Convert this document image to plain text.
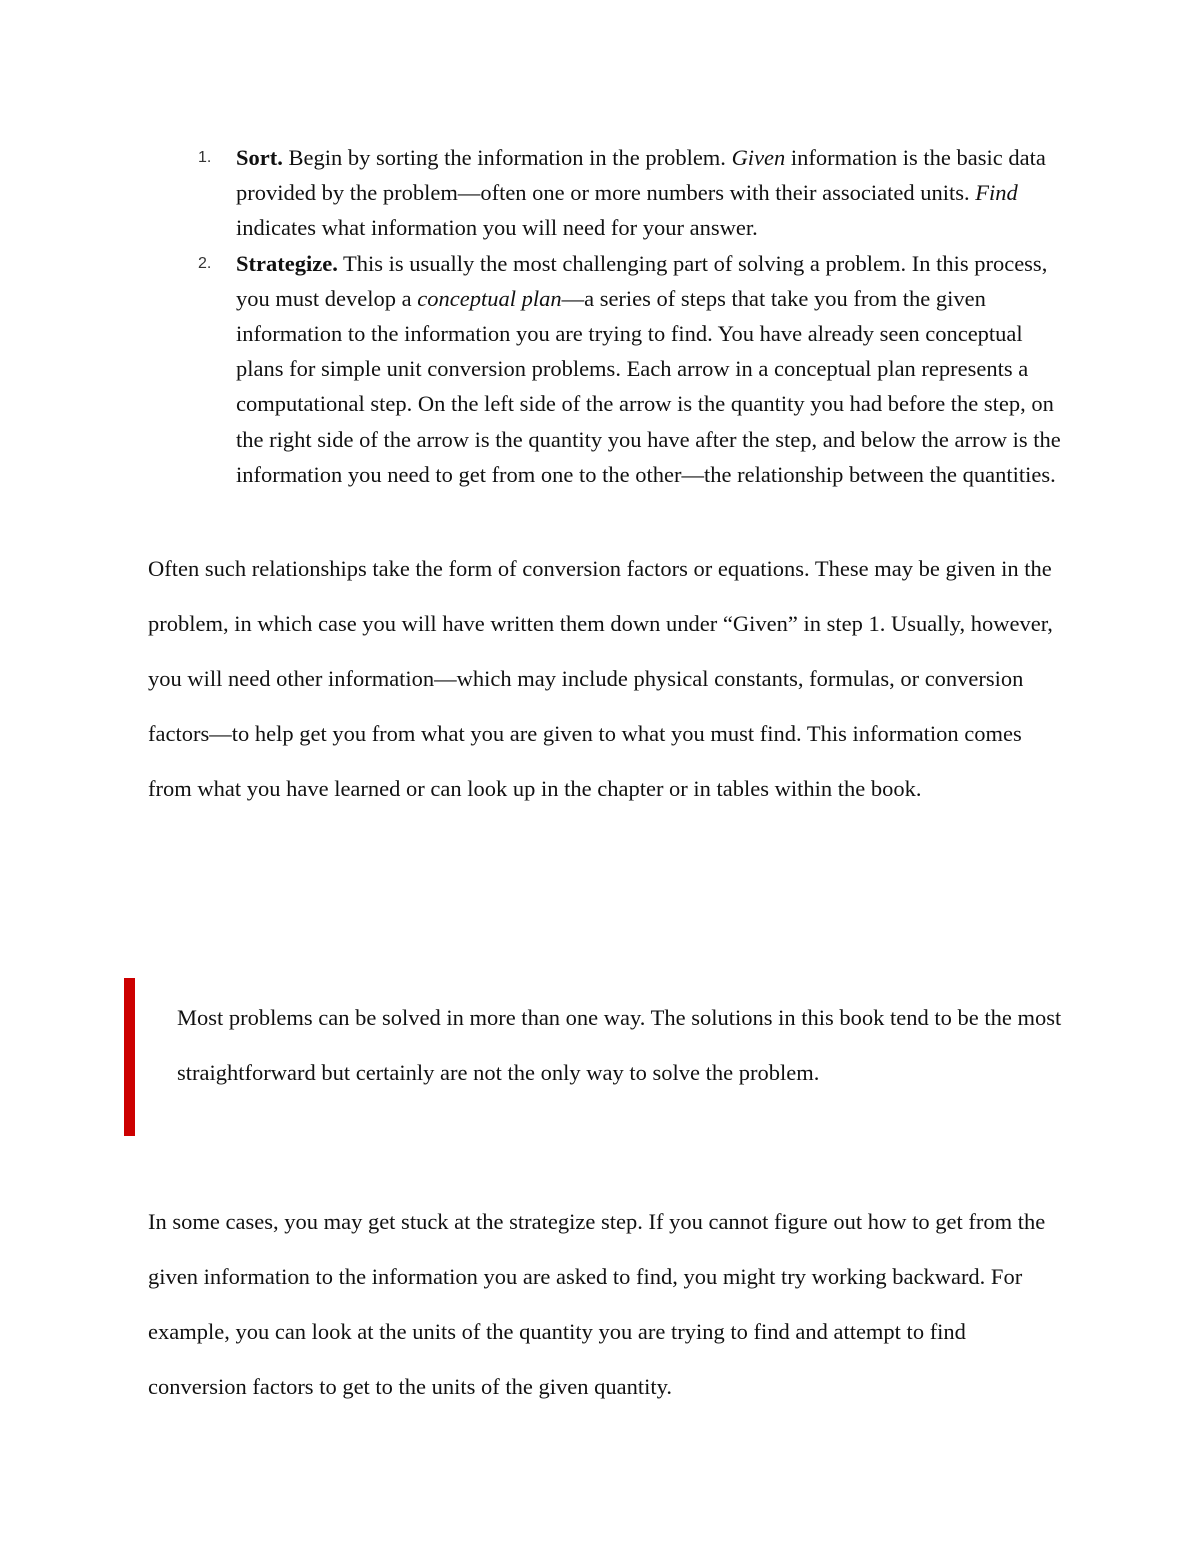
1. Sort. Begin by sorting the information in the problem. Given information is the basic data provided by the problem—often one or more numbers with their associated units. Find indicates what information you will need for your answer.
2. Strategize. This is usually the most challenging part of solving a problem. In this process, you must develop a conceptual plan—a series of steps that take you from the given information to the information you are trying to find. You have already seen conceptual plans for simple unit conversion problems. Each arrow in a conceptual plan represents a computational step. On the left side of the arrow is the quantity you had before the step, on the right side of the arrow is the quantity you have after the step, and below the arrow is the information you need to get from one to the other—the relationship between the quantities.

Often such relationships take the form of conversion factors or equations. These may be given in the problem, in which case you will have written them down under “Given” in step 1. Usually, however, you will need other information—which may include physical constants, formulas, or conversion factors—to help get you from what you are given to what you must find. This information comes from what you have learned or can look up in the chapter or in tables within the book.

Most problems can be solved in more than one way. The solutions in this book tend to be the most straightforward but certainly are not the only way to solve the problem.

In some cases, you may get stuck at the strategize step. If you cannot figure out how to get from the given information to the information you are asked to find, you might try working backward. For example, you can look at the units of the quantity you are trying to find and attempt to find conversion factors to get to the units of the given quantity.
